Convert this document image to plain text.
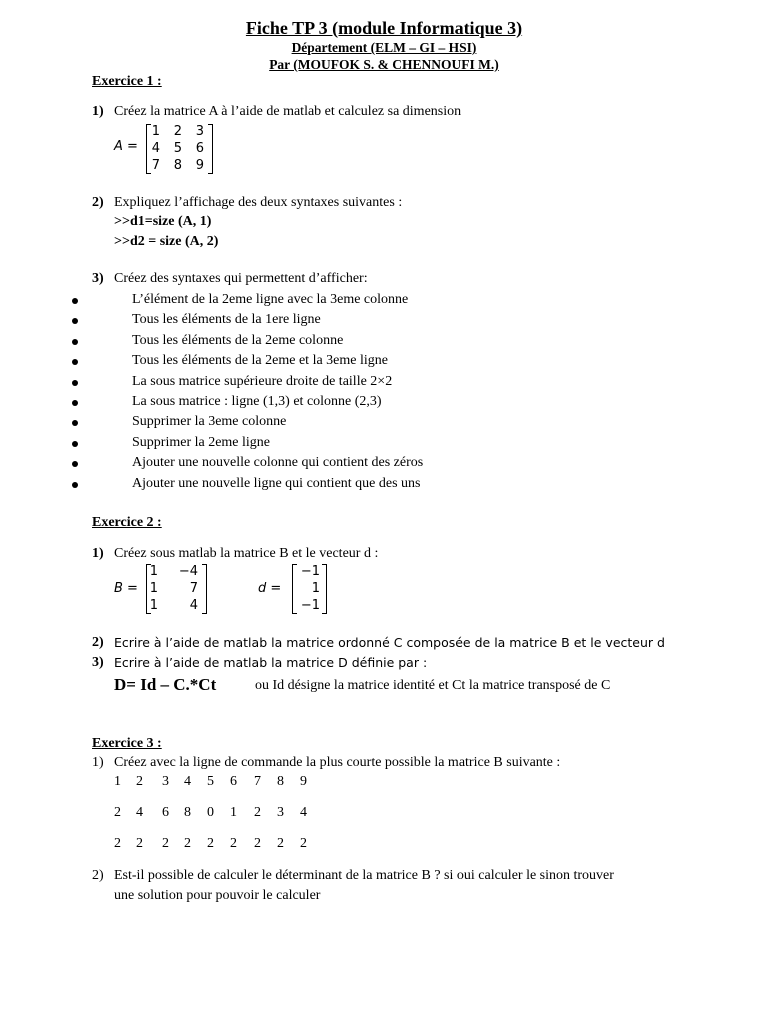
Fiche TP 3 (module Informatique 3)
Département (ELM – GI – HSI)
Par (MOUFOK S. & CHENNOUFI M.)
Exercice 1 :
1) Créez la matrice A à l’aide de matlab et calculez sa dimension
A =
1 2 3
4 5 6
7 8 9
2) Expliquez l’affichage des deux syntaxes suivantes :
>>d1=size (A, 1)
>>d2 = size (A, 2)
3) Créez des syntaxes qui permettent d’afficher:
L’élément de la 2eme ligne avec la 3eme colonne
Tous les éléments de la 1ere ligne
Tous les éléments de la 2eme colonne
Tous les éléments de la 2eme et la 3eme ligne
La sous matrice supérieure droite de taille 2×2
La sous matrice : ligne (1,3) et colonne (2,3)
Supprimer la 3eme colonne
Supprimer la 2eme ligne
Ajouter une nouvelle colonne qui contient des zéros
Ajouter une nouvelle ligne qui contient que des uns
Exercice 2 :
1) Créez sous matlab la matrice B et le vecteur d :
B =
1	−4
1	7
1	4
d =
−1
1
−1
2) Ecrire à l’aide de matlab la matrice ordonné C composée de la matrice B et le vecteur d
3) Ecrire à l’aide de matlab la matrice D définie par :
D= Id – C.*Ct	ou Id désigne la matrice identité et Ct la matrice transposé de C
Exercice 3 :
1) Créez avec la ligne de commande la plus courte possible la matrice B suivante :
1 2 3 4 5 6 7 8 9
2 4 6 8 0 1 2 3 4
2 2 2 2 2 2 2 2 2
2) Est-il possible de calculer le déterminant de la matrice B ? si oui calculer le sinon trouver
une solution pour pouvoir le calculer
